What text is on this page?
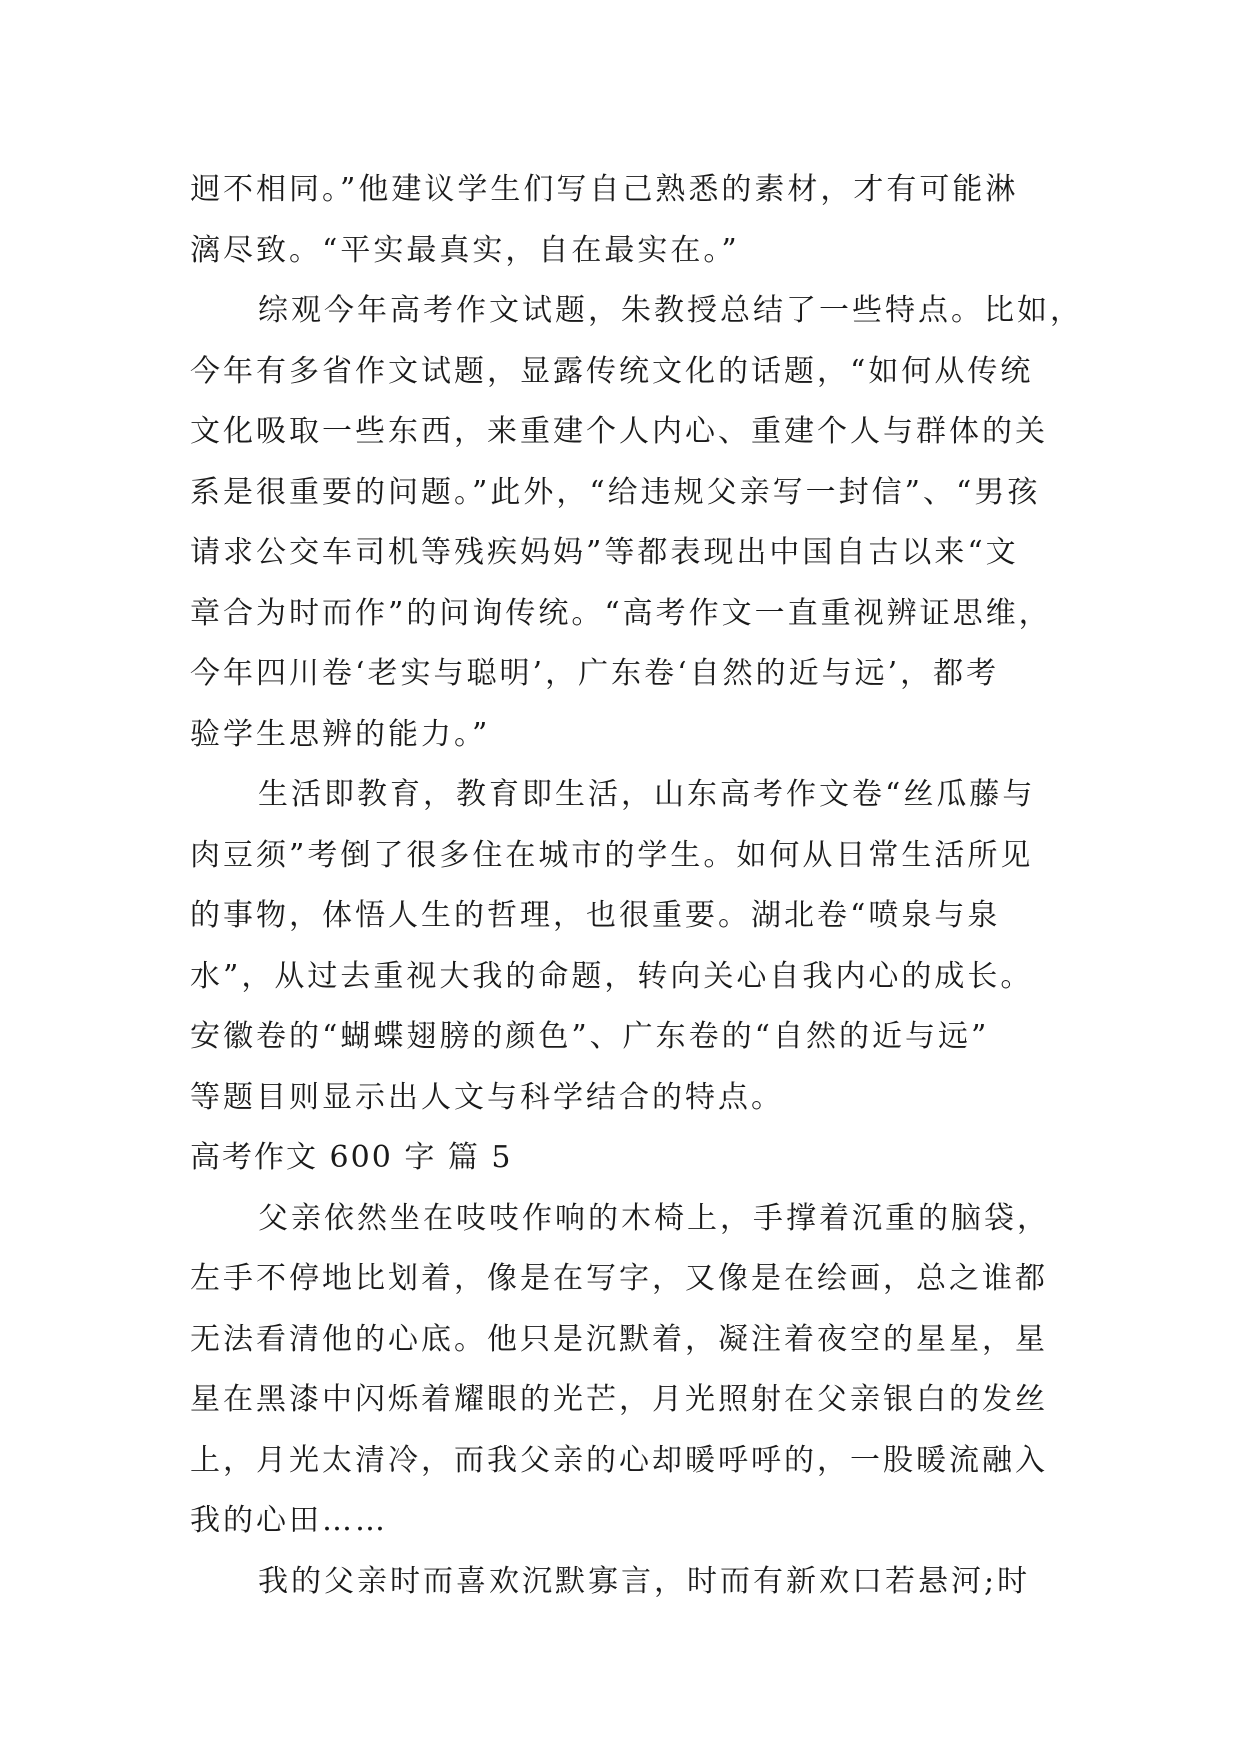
迥不相同。”他建议学生们写自己熟悉的素材，才有可能淋
漓尽致。“平实最真实，自在最实在。”
综观今年高考作文试题，朱教授总结了一些特点。比如，
今年有多省作文试题，显露传统文化的话题，“如何从传统
文化吸取一些东西，来重建个人内心、重建个人与群体的关
系是很重要的问题。”此外，“给违规父亲写一封信”、“男孩
请求公交车司机等残疾妈妈”等都表现出中国自古以来“文
章合为时而作”的问询传统。“高考作文一直重视辨证思维，
今年四川卷‘老实与聪明’，广东卷‘自然的近与远’，都考
验学生思辨的能力。”
生活即教育，教育即生活，山东高考作文卷“丝瓜藤与
肉豆须”考倒了很多住在城市的学生。如何从日常生活所见
的事物，体悟人生的哲理，也很重要。湖北卷“喷泉与泉
水”，从过去重视大我的命题，转向关心自我内心的成长。
安徽卷的“蝴蝶翅膀的颜色”、广东卷的“自然的近与远”
等题目则显示出人文与科学结合的特点。
高考作文 600 字 篇 5
父亲依然坐在吱吱作响的木椅上，手撑着沉重的脑袋，
左手不停地比划着，像是在写字，又像是在绘画，总之谁都
无法看清他的心底。他只是沉默着，凝注着夜空的星星，星
星在黑漆中闪烁着耀眼的光芒，月光照射在父亲银白的发丝
上，月光太清冷，而我父亲的心却暖呼呼的，一股暖流融入
我的心田……
我的父亲时而喜欢沉默寡言，时而有新欢口若悬河;时
